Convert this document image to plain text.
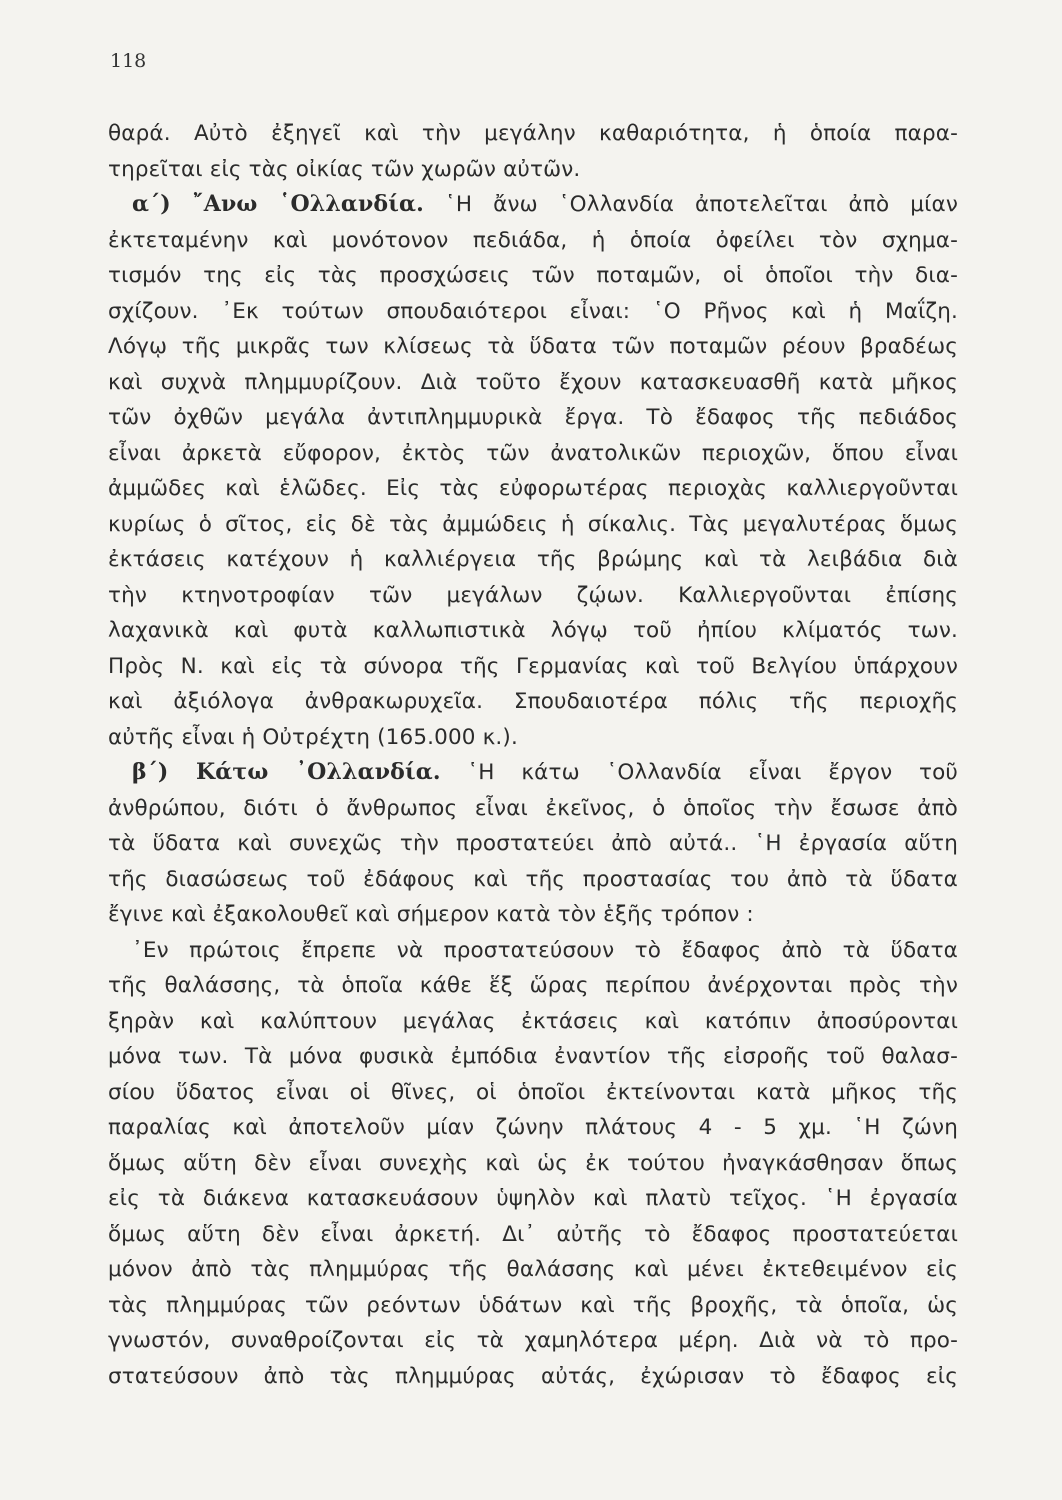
118
θαρά. Αὐτὸ ἐξηγεῖ καὶ τὴν μεγάλην καθαριότητα, ἡ ὁποία παρα-
τηρεῖται εἰς τὰς οἰκίας τῶν χωρῶν αὐτῶν.
α΄) ῎Ανω ῾Ολλανδία. ῾Η ἄνω ῾Ολλανδία ἀποτελεῖται ἀπὸ μίαν
ἐκτεταμένην καὶ μονότονον πεδιάδα, ἡ ὁποία ὀφείλει τὸν σχημα-
τισμόν της εἰς τὰς προσχώσεις τῶν ποταμῶν, οἱ ὁποῖοι τὴν δια-
σχίζουν. ᾿Εκ τούτων σπουδαιότεροι εἶναι: ῾Ο Ρῆνος καὶ ἡ Μαΐζη.
Λόγῳ τῆς μικρᾶς των κλίσεως τὰ ὕδατα τῶν ποταμῶν ρέουν βραδέως
καὶ συχνὰ πλημμυρίζουν. Διὰ τοῦτο ἔχουν κατασκευασθῆ κατὰ μῆκος
τῶν ὀχθῶν μεγάλα ἀντιπλημμυρικὰ ἔργα. Τὸ ἔδαφος τῆς πεδιάδος
εἶναι ἀρκετὰ εὔφορον, ἐκτὸς τῶν ἀνατολικῶν περιοχῶν, ὅπου εἶναι
ἀμμῶδες καὶ ἑλῶδες. Εἰς τὰς εὐφορωτέρας περιοχὰς καλλιεργοῦνται
κυρίως ὁ σῖτος, εἰς δὲ τὰς ἀμμώδεις ἡ σίκαλις. Τὰς μεγαλυτέρας ὅμως
ἐκτάσεις κατέχουν ἡ καλλιέργεια τῆς βρώμης καὶ τὰ λειβάδια διὰ
τὴν κτηνοτροφίαν τῶν μεγάλων ζῴων. Καλλιεργοῦνται ἐπίσης
λαχανικὰ καὶ φυτὰ καλλωπιστικὰ λόγῳ τοῦ ἠπίου κλίματός των.
Πρὸς Ν. καὶ εἰς τὰ σύνορα τῆς Γερμανίας καὶ τοῦ Βελγίου ὑπάρχουν
καὶ ἀξιόλογα ἀνθρακωρυχεῖα. Σπουδαιοτέρα πόλις τῆς περιοχῆς
αὐτῆς εἶναι ἡ Οὐτρέχτη (165.000 κ.).
β΄) Κάτω ᾿Ολλανδία. ῾Η κάτω ῾Ολλανδία εἶναι ἔργον τοῦ
ἀνθρώπου, διότι ὁ ἄνθρωπος εἶναι ἐκεῖνος, ὁ ὁποῖος τὴν ἔσωσε ἀπὸ
τὰ ὕδατα καὶ συνεχῶς τὴν προστατεύει ἀπὸ αὐτά.. ῾Η ἐργασία αὕτη
τῆς διασώσεως τοῦ ἐδάφους καὶ τῆς προστασίας του ἀπὸ τὰ ὕδατα
ἔγινε καὶ ἐξακολουθεῖ καὶ σήμερον κατὰ τὸν ἑξῆς τρόπον :
᾿Εν πρώτοις ἔπρεπε νὰ προστατεύσουν τὸ ἔδαφος ἀπὸ τὰ ὕδατα
τῆς θαλάσσης, τὰ ὁποῖα κάθε ἕξ ὥρας περίπου ἀνέρχονται πρὸς τὴν
ξηρὰν καὶ καλύπτουν μεγάλας ἐκτάσεις καὶ κατόπιν ἀποσύρονται
μόνα των. Τὰ μόνα φυσικὰ ἐμπόδια ἐναντίον τῆς εἰσροῆς τοῦ θαλασ-
σίου ὕδατος εἶναι οἱ θῖνες, οἱ ὁποῖοι ἐκτείνονται κατὰ μῆκος τῆς
παραλίας καὶ ἀποτελοῦν μίαν ζώνην πλάτους 4 - 5 χμ. ῾Η ζώνη
ὅμως αὕτη δὲν εἶναι συνεχὴς καὶ ὡς ἐκ τούτου ἠναγκάσθησαν ὅπως
εἰς τὰ διάκενα κατασκευάσουν ὑψηλὸν καὶ πλατὺ τεῖχος. ῾Η ἐργασία
ὅμως αὕτη δὲν εἶναι ἀρκετή. Δι᾿ αὐτῆς τὸ ἔδαφος προστατεύεται
μόνον ἀπὸ τὰς πλημμύρας τῆς θαλάσσης καὶ μένει ἐκτεθειμένον εἰς
τὰς πλημμύρας τῶν ρεόντων ὑδάτων καὶ τῆς βροχῆς, τὰ ὁποῖα, ὡς
γνωστόν, συναθροίζονται εἰς τὰ χαμηλότερα μέρη. Διὰ νὰ τὸ προ-
στατεύσουν ἀπὸ τὰς πλημμύρας αὐτάς, ἐχώρισαν τὸ ἔδαφος εἰς
